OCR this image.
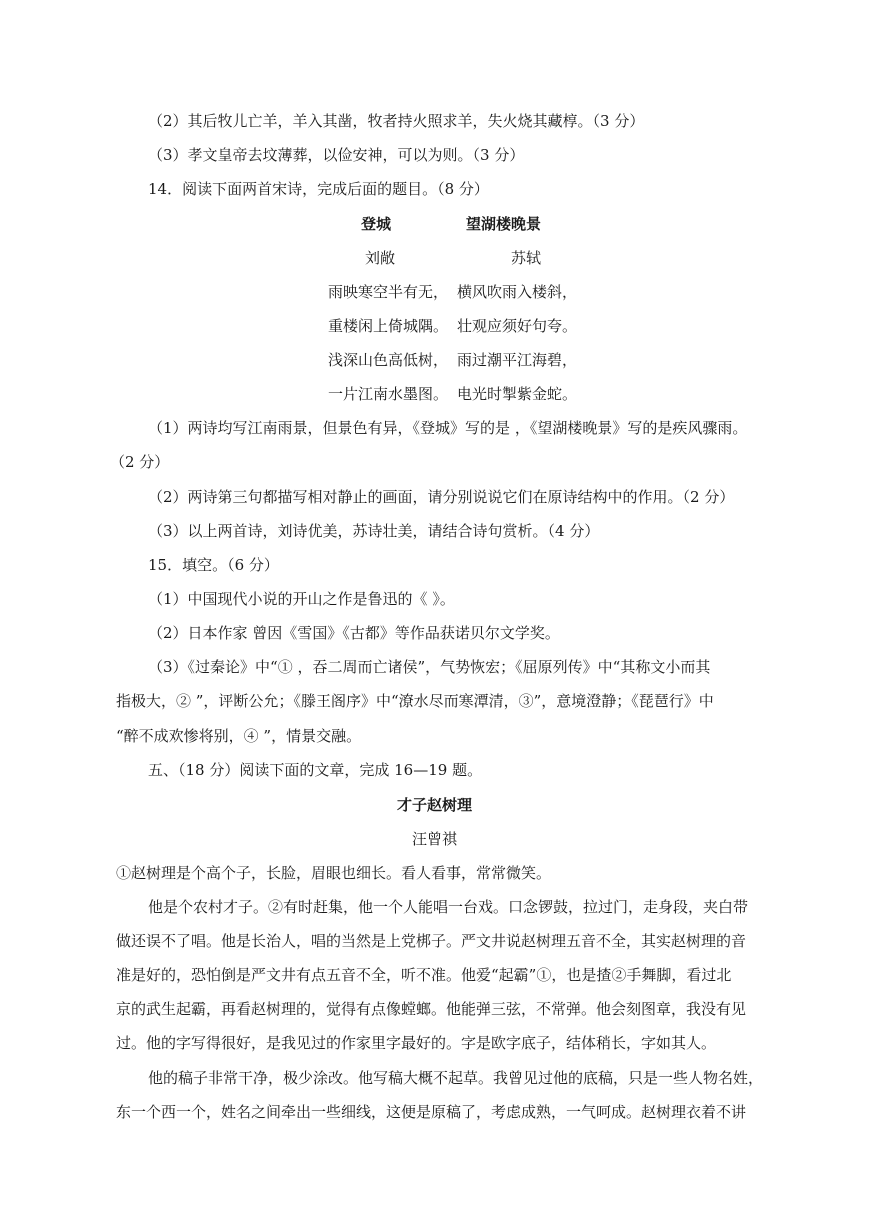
（2）其后牧儿亡羊，羊入其凿，牧者持火照求羊，失火烧其藏椁。（3 分）
（3）孝文皇帝去坟薄葬，以俭安神，可以为则。（3 分）
14．阅读下面两首宋诗，完成后面的题目。（8 分）
登城	望湖楼晚景
刘敞	苏轼
雨映寒空半有无， 横风吹雨入楼斜，
重楼闲上倚城隅。 壮观应须好句夸。
浅深山色高低树， 雨过潮平江海碧，
一片江南水墨图。 电光时掣紫金蛇。
（1）两诗均写江南雨景，但景色有异，《登城》写的是 ，《望湖楼晚景》写的是疾风骤雨。
（2 分）
（2）两诗第三句都描写相对静止的画面，请分别说说它们在原诗结构中的作用。（2 分）
（3）以上两首诗，刘诗优美，苏诗壮美，请结合诗句赏析。（4 分）
15．填空。（6 分）
（1）中国现代小说的开山之作是鲁迅的《 》。
（2）日本作家 曾因《雪国》《古都》等作品获诺贝尔文学奖。
（3）《过秦论》中“① ，吞二周而亡诸侯”，气势恢宏；《屈原列传》中“其称文小而其
指极大，② ”，评断公允；《滕王阁序》中“潦水尽而寒潭清，③”，意境澄静；《琵琶行》中
“醉不成欢惨将别，④ ”，情景交融。
五、（18 分）阅读下面的文章，完成 16—19 题。
才子赵树理
汪曾祺
①赵树理是个高个子，长脸，眉眼也细长。看人看事，常常微笑。
他是个农村才子。②有时赶集，他一个人能唱一台戏。口念锣鼓，拉过门，走身段，夹白带
做还误不了唱。他是长治人，唱的当然是上党梆子。严文井说赵树理五音不全，其实赵树理的音
准是好的，恐怕倒是严文井有点五音不全，听不准。他爱“起霸”①，也是揸②手舞脚，看过北
京的武生起霸，再看赵树理的，觉得有点像螳螂。他能弹三弦，不常弹。他会刻图章，我没有见
过。他的字写得很好，是我见过的作家里字最好的。字是欧字底子，结体稍长，字如其人。
他的稿子非常干净，极少涂改。他写稿大概不起草。我曾见过他的底稿，只是一些人物名姓，
东一个西一个，姓名之间牵出一些细线，这便是原稿了，考虑成熟，一气呵成。赵树理衣着不讲
